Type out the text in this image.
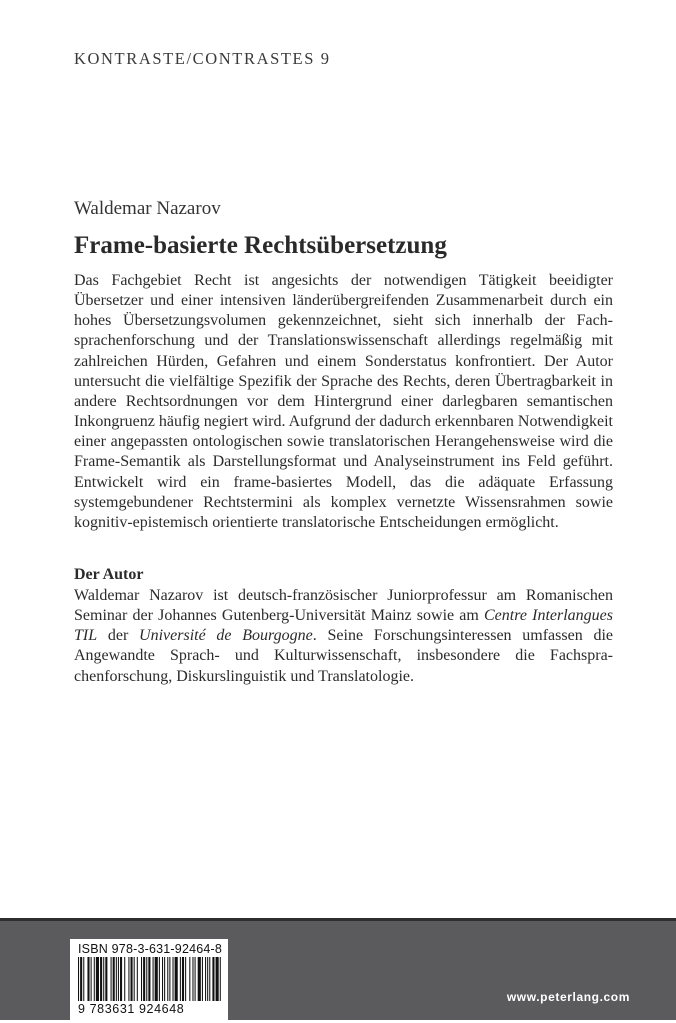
KONTRASTE/CONTRASTES 9
Waldemar Nazarov
Frame-basierte Rechtsübersetzung

Das Fachgebiet Recht ist angesichts der notwendigen Tätigkeit beeidigter Übersetzer und einer intensiven länderübergreifenden Zusammenarbeit durch ein hohes Übersetzungsvolumen gekennzeichnet, sieht sich innerhalb der Fachsprachenforschung und der Translationswissenschaft allerdings regelmäßig mit zahlreichen Hürden, Gefahren und einem Sonderstatus konfrontiert. Der Autor untersucht die vielfältige Spezifik der Sprache des Rechts, deren Übertragbarkeit in andere Rechtsordnungen vor dem Hintergrund einer darlegbaren semantischen Inkongruenz häufig negiert wird. Aufgrund der dadurch erkennbaren Notwendigkeit einer angepassten ontologischen sowie translatorischen Herangehensweise wird die Frame-Semantik als Darstellungsformat und Analyseinstrument ins Feld geführt. Entwickelt wird ein frame-basiertes Modell, das die adäquate Erfassung systemgebundener Rechtstermini als komplex vernetzte Wissensrahmen sowie kognitiv-epistemisch orientierte translatorische Entscheidungen ermöglicht.

Der Autor

Waldemar Nazarov ist deutsch-französischer Juniorprofessur am Romanischen Seminar der Johannes Gutenberg-Universität Mainz sowie am Centre Interlangues TIL der Université de Bourgogne. Seine Forschungsinteressen umfassen die Angewandte Sprach- und Kulturwissenschaft, insbesondere die Fachsprachenforschung, Diskurslinguistik und Translatologie.

ISBN 978-3-631-92464-8
9 783631 924648
www.peterlang.com
